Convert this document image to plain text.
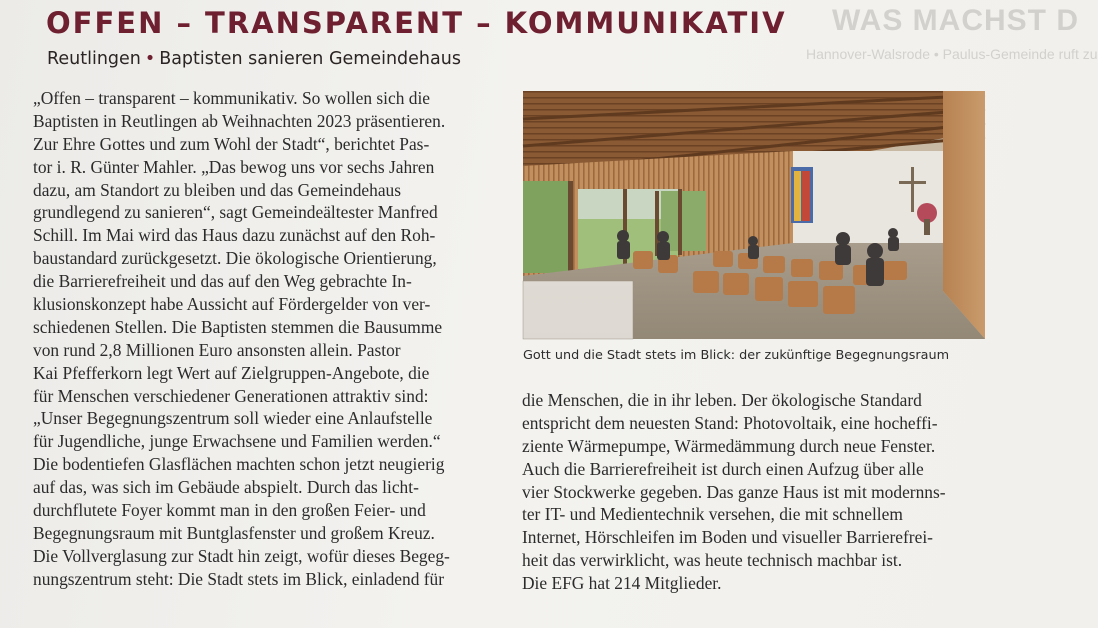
WAS MACHST D
Hannover-Walsrode • Paulus-Gemeinde ruft zu
OFFEN – TRANSPARENT – KOMMUNIKATIV

Reutlingen • Baptisten sanieren Gemeindehaus

„Offen – transparent – kommunikativ. So wollen sich die
Baptisten in Reutlingen ab Weihnachten 2023 präsentieren.
Zur Ehre Gottes und zum Wohl der Stadt“, berichtet Pas-
tor i. R. Günter Mahler. „Das bewog uns vor sechs Jahren
dazu, am Standort zu bleiben und das Gemeindehaus
grundlegend zu sanieren“, sagt Gemeindeältester Manfred
Schill. Im Mai wird das Haus dazu zunächst auf den Roh-
baustandard zurückgesetzt. Die ökologische Orientierung,
die Barrierefreiheit und das auf den Weg gebrachte In-
klusionskonzept habe Aussicht auf Fördergelder von ver-
schiedenen Stellen. Die Baptisten stemmen die Bausumme
von rund 2,8 Millionen Euro ansonsten allein. Pastor
Kai Pfefferkorn legt Wert auf Zielgruppen-Angebote, die
für Menschen verschiedener Generationen attraktiv sind:
„Unser Begegnungszentrum soll wieder eine Anlaufstelle
für Jugendliche, junge Erwachsene und Familien werden.“
Die bodentiefen Glasflächen machten schon jetzt neugierig
auf das, was sich im Gebäude abspielt. Durch das licht-
durchflutete Foyer kommt man in den großen Feier- und
Begegnungsraum mit Buntglasfenster und großem Kreuz.
Die Vollverglasung zur Stadt hin zeigt, wofür dieses Begeg-
nungszentrum steht: Die Stadt stets im Blick, einladend für

Gott und die Stadt stets im Blick: der zukünftige Begegnungsraum

die Menschen, die in ihr leben. Der ökologische Standard
entspricht dem neuesten Stand: Photovoltaik, eine hocheffi-
ziente Wärmepumpe, Wärmedämmung durch neue Fenster.
Auch die Barrierefreiheit ist durch einen Aufzug über alle
vier Stockwerke gegeben. Das ganze Haus ist mit modernns-
ter IT- und Medientechnik versehen, die mit schnellem
Internet, Hörschleifen im Boden und visueller Barrierefrei-
heit das verwirklicht, was heute technisch machbar ist.
Die EFG hat 214 Mitglieder.
